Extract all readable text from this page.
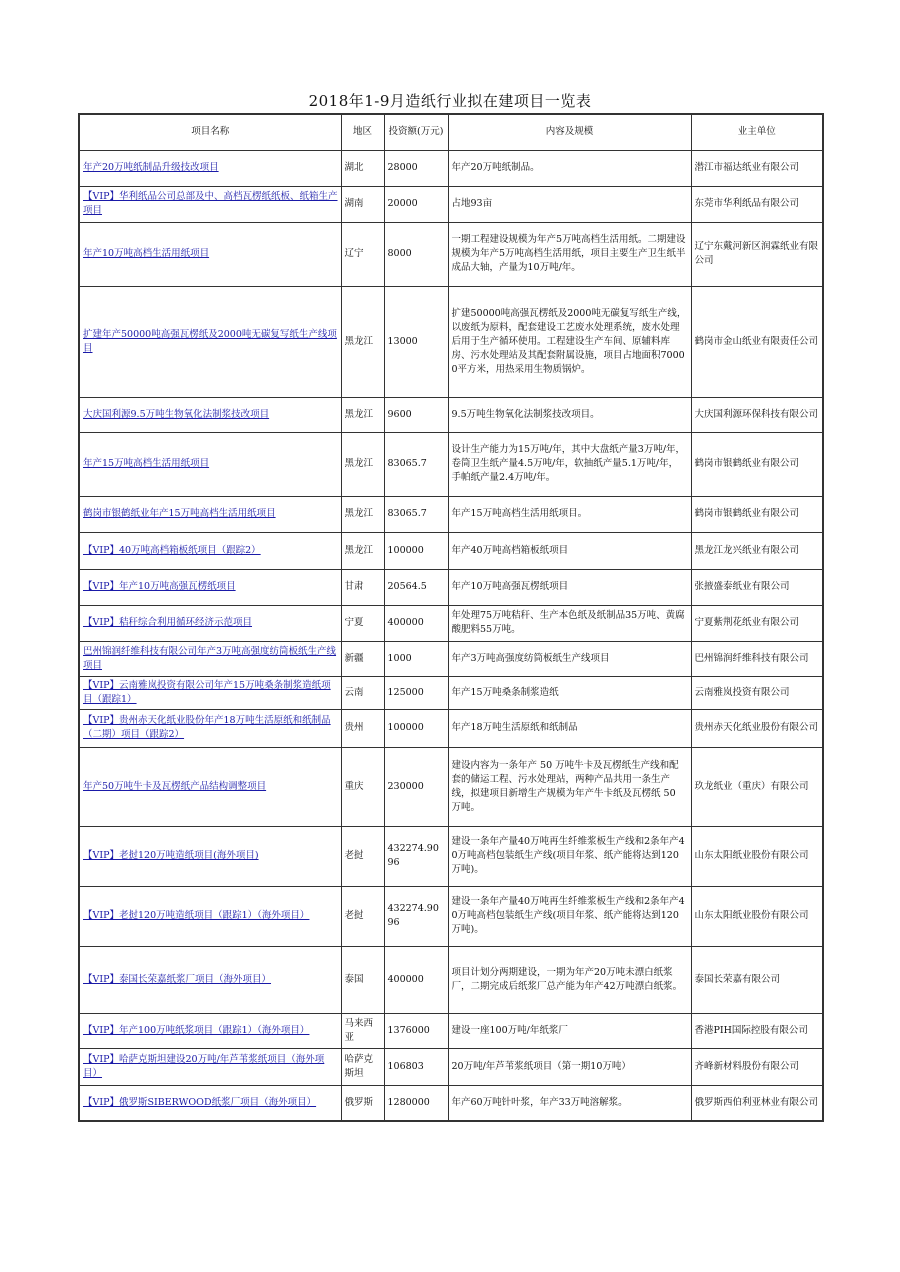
2018年1-9月造纸行业拟在建项目一览表
项目名称	地区	投资额(万元)	内容及规模	业主单位
年产20万吨纸制品升级技改项目	湖北	28000	年产20万吨纸制品。	潜江市福达纸业有限公司
【VIP】华利纸品公司总部及中、高档瓦楞纸纸板、纸箱生产项目	湖南	20000	占地93亩	东莞市华利纸品有限公司
年产10万吨高档生活用纸项目	辽宁	8000	一期工程建设规模为年产5万吨高档生活用纸。二期建设规模为年产5万吨高档生活用纸，项目主要生产卫生纸半成品大轴，产量为10万吨/年。	辽宁东戴河新区润霖纸业有限公司
扩建年产50000吨高强瓦楞纸及2000吨无碳复写纸生产线项目	黑龙江	13000	扩建50000吨高强瓦楞纸及2000吨无碳复写纸生产线，以废纸为原料，配套建设工艺废水处理系统，废水处理后用于生产循环使用。工程建设生产车间、原辅料库房、污水处理站及其配套附属设施，项目占地面积70000平方米，用热采用生物质锅炉。	鹤岗市金山纸业有限责任公司
大庆国利源9.5万吨生物氧化法制浆技改项目	黑龙江	9600	9.5万吨生物氧化法制浆技改项目。	大庆国利源环保科技有限公司
年产15万吨高档生活用纸项目	黑龙江	83065.7	设计生产能力为15万吨/年，其中大盘纸产量3万吨/年，卷筒卫生纸产量4.5万吨/年，软抽纸产量5.1万吨/年，手帕纸产量2.4万吨/年。	鹤岗市银鹤纸业有限公司
鹤岗市银鹤纸业年产15万吨高档生活用纸项目	黑龙江	83065.7	年产15万吨高档生活用纸项目。	鹤岗市银鹤纸业有限公司
【VIP】40万吨高档箱板纸项目（跟踪2）	黑龙江	100000	年产40万吨高档箱板纸项目	黑龙江龙兴纸业有限公司
【VIP】年产10万吨高强瓦楞纸项目	甘肃	20564.5	年产10万吨高强瓦楞纸项目	张掖盛泰纸业有限公司
【VIP】秸秆综合利用循环经济示范项目	宁夏	400000	年处理75万吨秸秆、生产本色纸及纸制品35万吨、黄腐酸肥料55万吨。	宁夏紫荆花纸业有限公司
巴州锦润纤维科技有限公司年产3万吨高强度纺筒板纸生产线项目	新疆	1000	年产3万吨高强度纺筒板纸生产线项目	巴州锦润纤维科技有限公司
【VIP】云南雅岚投资有限公司年产15万吨桑条制浆造纸项目（跟踪1）	云南	125000	年产15万吨桑条制浆造纸	云南雅岚投资有限公司
【VIP】贵州赤天化纸业股份年产18万吨生活原纸和纸制品（二期）项目（跟踪2）	贵州	100000	年产18万吨生活原纸和纸制品	贵州赤天化纸业股份有限公司
年产50万吨牛卡及瓦楞纸产品结构调整项目	重庆	230000	建设内容为一条年产 50 万吨牛卡及瓦楞纸生产线和配套的储运工程、污水处理站，两种产品共用一条生产线，拟建项目新增生产规模为年产牛卡纸及瓦楞纸 50 万吨。	玖龙纸业（重庆）有限公司
【VIP】老挝120万吨造纸项目(海外项目)	老挝	432274.9096	建设一条年产量40万吨再生纤维浆板生产线和2条年产40万吨高档包装纸生产线(项目年浆、纸产能将达到120万吨)。	山东太阳纸业股份有限公司
【VIP】老挝120万吨造纸项目（跟踪1）（海外项目）	老挝	432274.9096	建设一条年产量40万吨再生纤维浆板生产线和2条年产40万吨高档包装纸生产线(项目年浆、纸产能将达到120万吨)。	山东太阳纸业股份有限公司
【VIP】泰国长荣嘉纸浆厂项目（海外项目）	泰国	400000	项目计划分两期建设，一期为年产20万吨未漂白纸浆厂，二期完成后纸浆厂总产能为年产42万吨漂白纸浆。	泰国长荣嘉有限公司
【VIP】年产100万吨纸浆项目（跟踪1）（海外项目）	马来西亚	1376000	建设一座100万吨/年纸浆厂	香港PIH国际控股有限公司
【VIP】哈萨克斯坦建设20万吨/年芦苇浆纸项目（海外项目）	哈萨克斯坦	106803	20万吨/年芦苇浆纸项目（第一期10万吨）	齐峰新材料股份有限公司
【VIP】俄罗斯SIBERWOOD纸浆厂项目（海外项目）	俄罗斯	1280000	年产60万吨针叶浆，年产33万吨溶解浆。	俄罗斯西伯利亚林业有限公司
